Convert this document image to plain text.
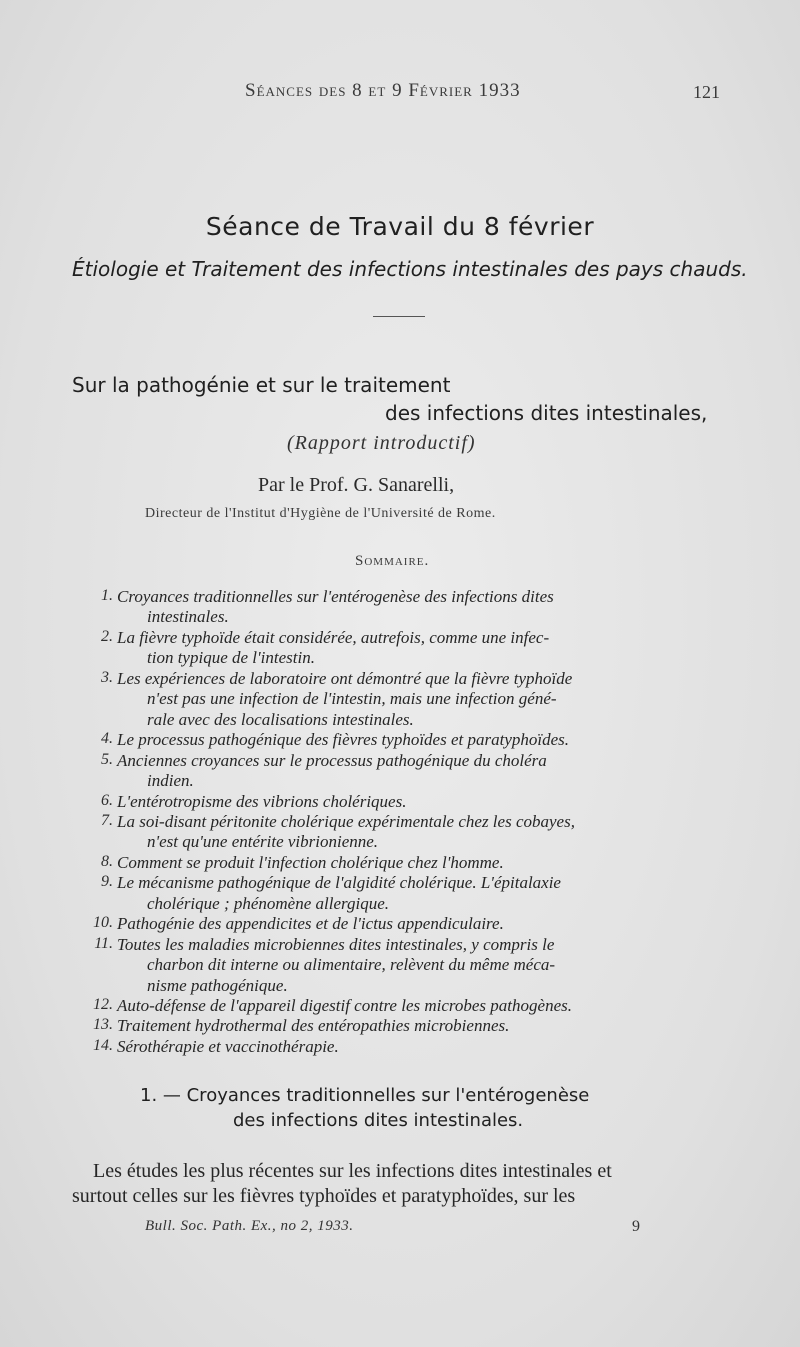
Séances des 8 et 9 Février 1933	121
Séance de Travail du 8 février
Étiologie et Traitement des infections intestinales des pays chauds.
Sur la pathogénie et sur le traitement
des infections dites intestinales,
(Rapport introductif)
Par le Prof. G. Sanarelli,
Directeur de l'Institut d'Hygiène de l'Université de Rome.
Sommaire.
1. Croyances traditionnelles sur l'entérogenèse des infections dites
intestinales.
2. La fièvre typhoïde était considérée, autrefois, comme une infec-
tion typique de l'intestin.
3. Les expériences de laboratoire ont démontré que la fièvre typhoïde
n'est pas une infection de l'intestin, mais une infection géné-
rale avec des localisations intestinales.
4. Le processus pathogénique des fièvres typhoïdes et paratyphoïdes.
5. Anciennes croyances sur le processus pathogénique du choléra
indien.
6. L'entérotropisme des vibrions cholériques.
7. La soi-disant péritonite cholérique expérimentale chez les cobayes,
n'est qu'une entérite vibrionienne.
8. Comment se produit l'infection cholérique chez l'homme.
9. Le mécanisme pathogénique de l'algidité cholérique. L'épitalaxie
cholérique ; phénomène allergique.
10. Pathogénie des appendicites et de l'ictus appendiculaire.
11. Toutes les maladies microbiennes dites intestinales, y compris le
charbon dit interne ou alimentaire, relèvent du même méca-
nisme pathogénique.
12. Auto-défense de l'appareil digestif contre les microbes pathogènes.
13. Traitement hydrothermal des entéropathies microbiennes.
14. Sérothérapie et vaccinothérapie.
1. — Croyances traditionnelles sur l'entérogenèse
des infections dites intestinales.
Les études les plus récentes sur les infections dites intestinales et
surtout celles sur les fièvres typhoïdes et paratyphoïdes, sur les
Bull. Soc. Path. Ex., no 2, 1933.	9
